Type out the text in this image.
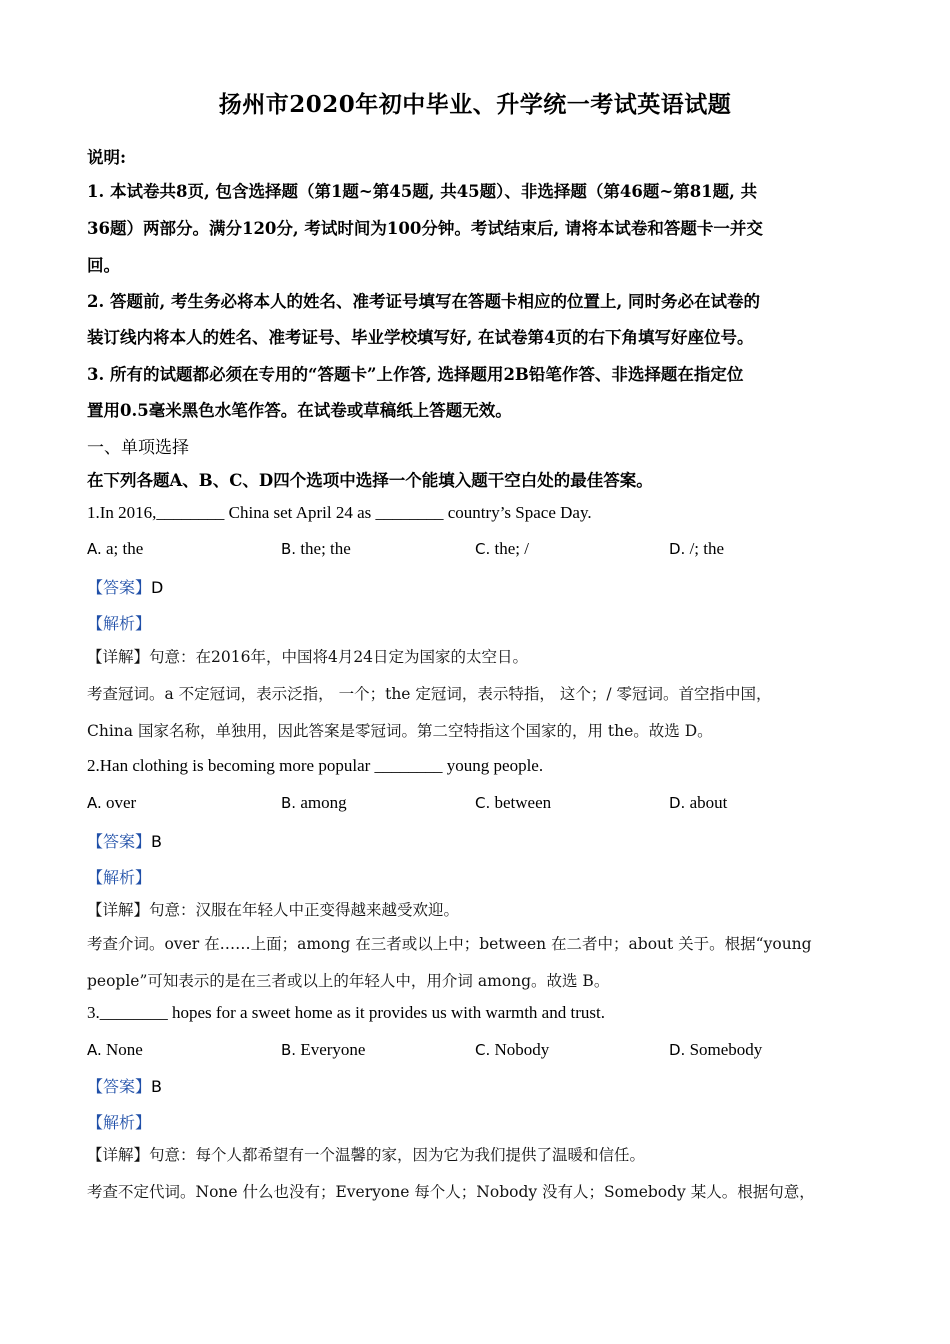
扬州市2020年初中毕业、升学统一考试英语试题
说明:
1. 本试卷共8页, 包含选择题（第1题~第45题, 共45题）、非选择题（第46题~第81题, 共
36题）两部分。满分120分, 考试时间为100分钟。考试结束后, 请将本试卷和答题卡一并交
回。
2. 答题前, 考生务必将本人的姓名、准考证号填写在答题卡相应的位置上, 同时务必在试卷的
装订线内将本人的姓名、准考证号、毕业学校填写好, 在试卷第4页的右下角填写好座位号。
3. 所有的试题都必须在专用的“答题卡”上作答, 选择题用2B铅笔作答、非选择题在指定位
置用0.5毫米黑色水笔作答。在试卷或草稿纸上答题无效。
一、单项选择
在下列各题A、B、C、D四个选项中选择一个能填入题干空白处的最佳答案。
1.In 2016,________ China set April 24 as ________ country’s Space Day.
A. a; the	B. the; the	C. the; /	D. /; the
【答案】D
【解析】
【详解】句意：在2016年，中国将4月24日定为国家的太空日。
考查冠词。a 不定冠词，表示泛指， 一个；the 定冠词，表示特指， 这个；/ 零冠词。首空指中国，
China 国家名称，单独用，因此答案是零冠词。第二空特指这个国家的，用 the。故选 D。
2.Han clothing is becoming more popular ________ young people.
A. over	B. among	C. between	D. about
【答案】B
【解析】
【详解】句意：汉服在年轻人中正变得越来越受欢迎。
考查介词。over 在……上面；among 在三者或以上中；between 在二者中；about 关于。根据“young
people”可知表示的是在三者或以上的年轻人中，用介词 among。故选 B。
3.________ hopes for a sweet home as it provides us with warmth and trust.
A. None	B. Everyone	C. Nobody	D. Somebody
【答案】B
【解析】
【详解】句意：每个人都希望有一个温馨的家，因为它为我们提供了温暖和信任。
考查不定代词。None 什么也没有；Everyone 每个人；Nobody 没有人；Somebody 某人。根据句意，
